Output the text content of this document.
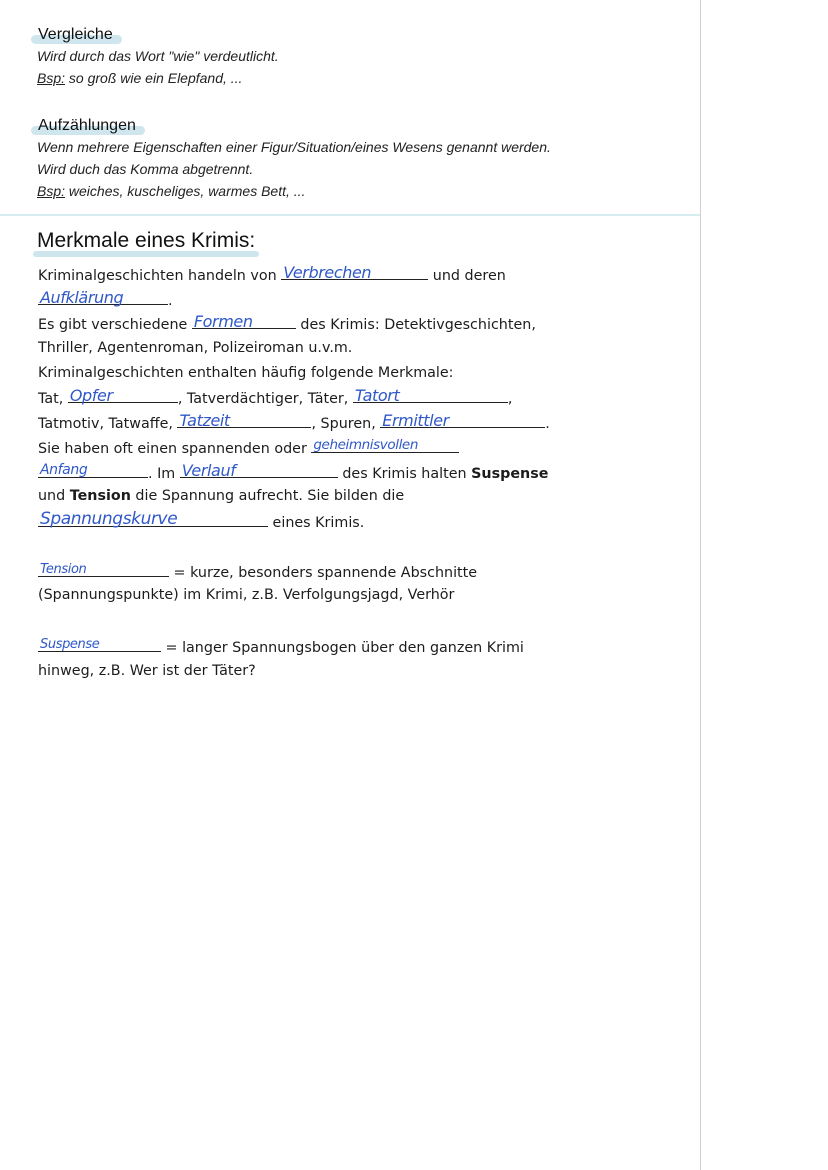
Vergleiche
Wird durch das Wort "wie" verdeutlicht.
Bsp: so groß wie ein Elepfand, ...
Aufzählungen
Wenn mehrere Eigenschaften einer Figur/Situation/eines Wesens genannt werden.
Wird duch das Komma abgetrennt.
Bsp: weiches, kuscheliges, warmes Bett, ...
Merkmale eines Krimis:
Kriminalgeschichten handeln von Verbrechen	und deren
Aufklärung	.
Es gibt verschiedene Formen	des Krimis: Detektivgeschichten,
Thriller, Agentenroman, Polizeiroman u.v.m.
Kriminalgeschichten enthalten häufig folgende Merkmale:
Tat, Opfer	, Tatverdächtiger, Täter, Tatort	,
Tatmotiv, Tatwaffe, Tatzeit	, Spuren, Ermittler	.
Sie haben oft einen spannenden oder geheimnisvollen
Anfang	. Im Verlauf	des Krimis halten Suspense
und Tension die Spannung aufrecht. Sie bilden die
Spannungskurve	eines Krimis.
Tension	= kurze, besonders spannende Abschnitte
(Spannungspunkte) im Krimi, z.B. Verfolgungsjagd, Verhör
Suspense	= langer Spannungsbogen über den ganzen Krimi
hinweg, z.B. Wer ist der Täter?
